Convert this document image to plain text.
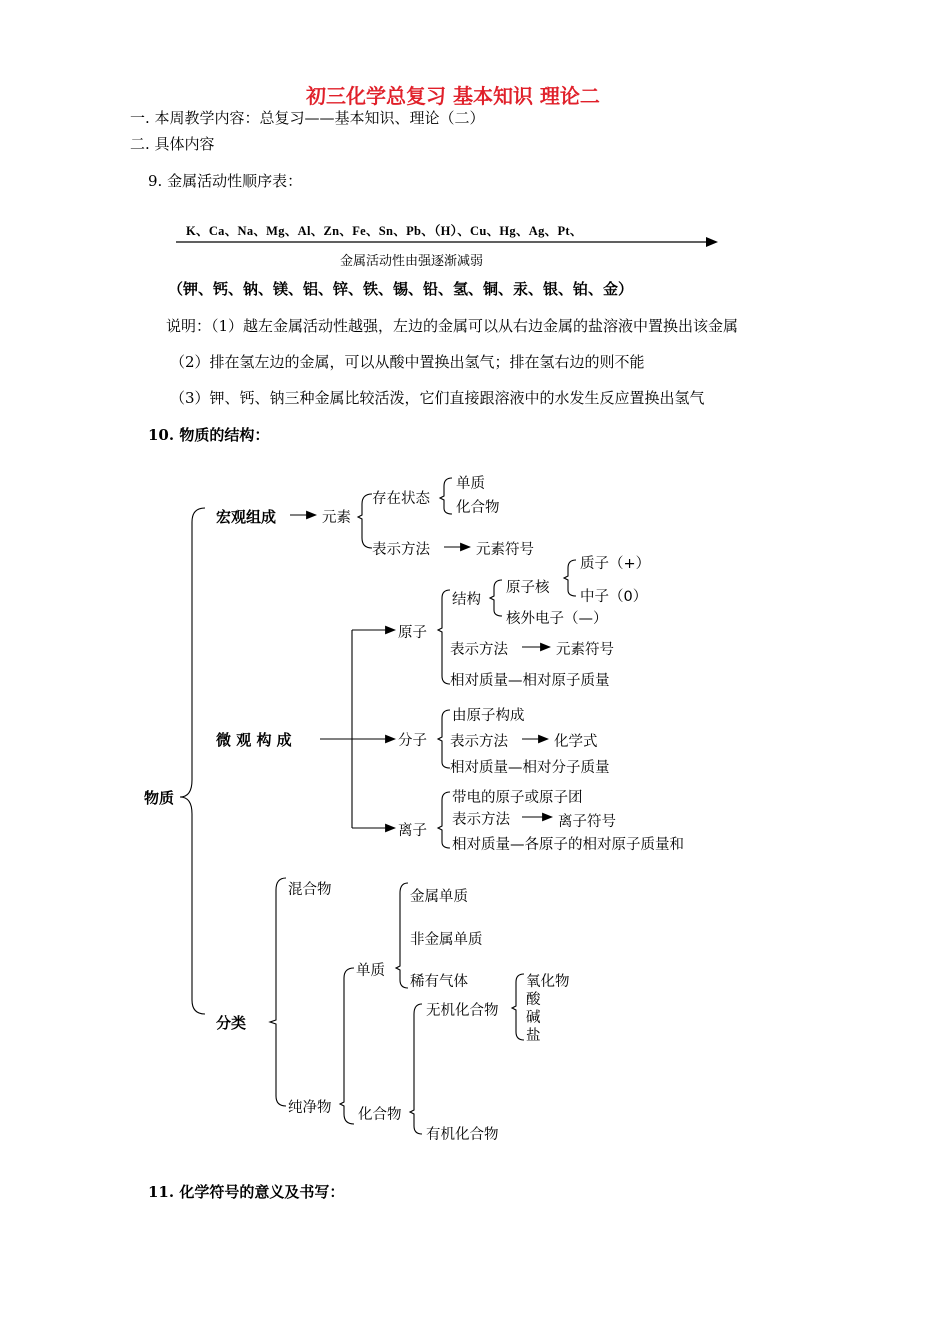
初三化学总复习 基本知识 理论二
一. 本周教学内容：总复习——基本知识、理论（二）
二. 具体内容
9. 金属活动性顺序表：
K、Ca、Na、Mg、Al、Zn、Fe、Sn、Pb、（H）、Cu、Hg、Ag、Pt、
金属活动性由强逐渐减弱
（钾、钙、钠、镁、铝、锌、铁、锡、铅、氢、铜、汞、银、铂、金）
说明：（1）越左金属活动性越强，左边的金属可以从右边金属的盐溶液中置换出该金属
（2）排在氢左边的金属，可以从酸中置换出氢气；排在氢右边的则不能
（3）钾、钙、钠三种金属比较活泼，它们直接跟溶液中的水发生反应置换出氢气
10. 物质的结构：
物质
宏观组成	元素
存在状态
单质
化合物
表示方法	元素符号
微 观 构 成
原子
结构
原子核
质子（+）
中子（0）
核外电子（—）
表示方法	元素符号
相对质量—相对原子质量
分子
由原子构成
表示方法	化学式
相对质量—相对分子质量
离子
带电的原子或原子团
表示方法	离子符号
相对质量—各原子的相对原子质量和
分类
混合物
纯净物
单质
金属单质
非金属单质
稀有气体
化合物
无机化合物
氧化物
酸
碱
盐
有机化合物
11. 化学符号的意义及书写：
